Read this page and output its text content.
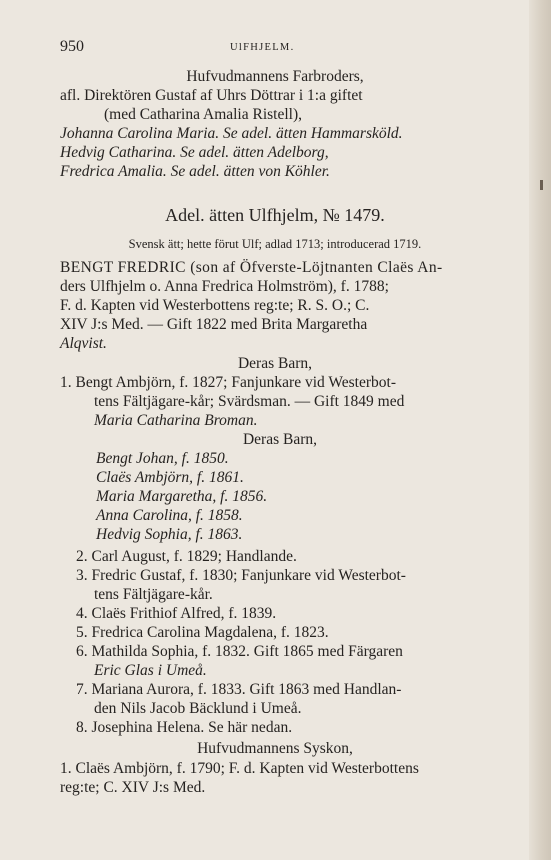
950	UlFHJELM.
Hufvudmannens Farbroders,
afl. Direktören Gustaf af Uhrs Döttrar i 1:a giftet
(med Catharina Amalia Ristell),
Johanna Carolina Maria. Se adel. ätten Hammarsköld.
Hedvig Catharina. Se adel. ätten Adelborg,
Fredrica Amalia. Se adel. ätten von Köhler.
Adel. ätten Ulfhjelm, № 1479.
Svensk ätt; hette förut Ulf; adlad 1713; introducerad 1719.
BENGT FREDRIC (son af Öfverste-Löjtnanten Claës An-
ders Ulfhjelm o. Anna Fredrica Holmström), f. 1788;
F. d. Kapten vid Westerbottens reg:te; R. S. O.; C.
XIV J:s Med. — Gift 1822 med Brita Margaretha
Alqvist.
Deras Barn,
1. Bengt Ambjörn, f. 1827; Fanjunkare vid Westerbot-
tens Fältjägare-kår; Svärdsman. — Gift 1849 med
Maria Catharina Broman.
Deras Barn,
Bengt Johan, f. 1850.
Claës Ambjörn, f. 1861.
Maria Margaretha, f. 1856.
Anna Carolina, f. 1858.
Hedvig Sophia, f. 1863.
2. Carl August, f. 1829; Handlande.
3. Fredric Gustaf, f. 1830; Fanjunkare vid Westerbot-
tens Fältjägare-kår.
4. Claës Frithiof Alfred, f. 1839.
5. Fredrica Carolina Magdalena, f. 1823.
6. Mathilda Sophia, f. 1832. Gift 1865 med Färgaren
Eric Glas i Umeå.
7. Mariana Aurora, f. 1833. Gift 1863 med Handlan-
den Nils Jacob Bäcklund i Umeå.
8. Josephina Helena. Se här nedan.
Hufvudmannens Syskon,
1. Claës Ambjörn, f. 1790; F. d. Kapten vid Westerbottens
reg:te; C. XIV J:s Med.
